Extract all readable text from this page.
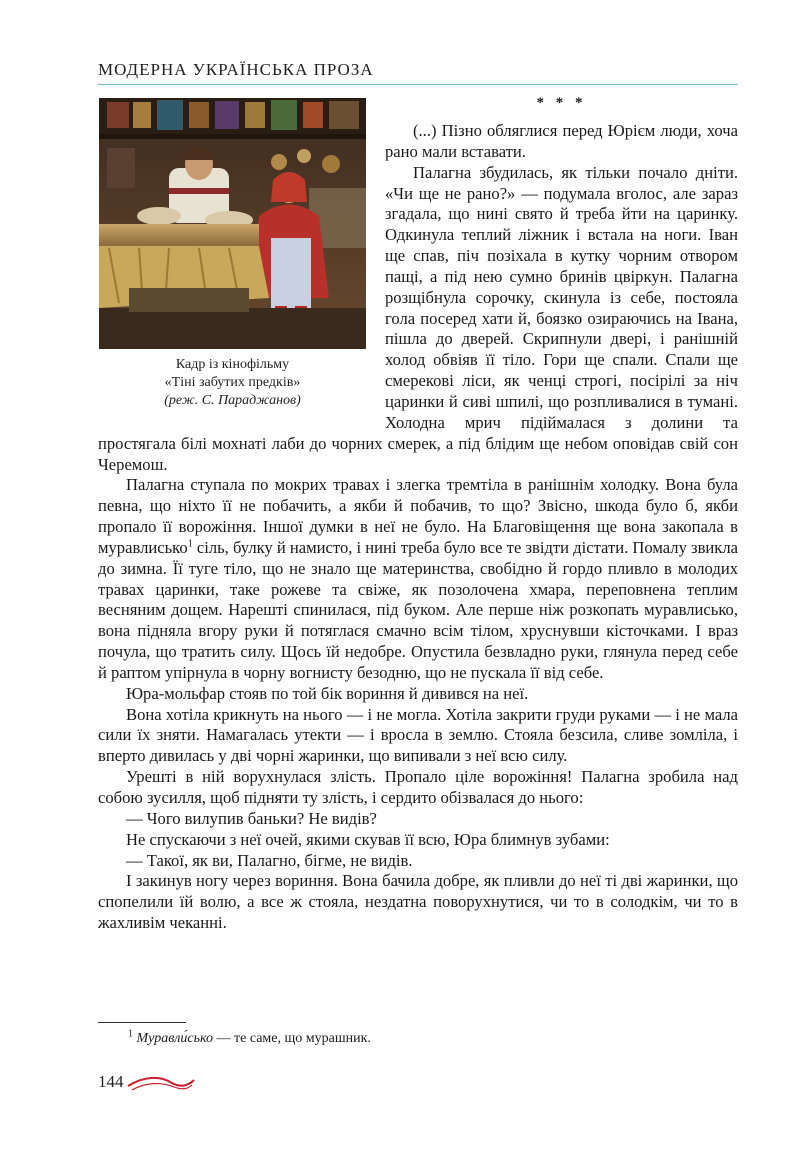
МОДЕРНА УКРАЇНСЬКА ПРОЗА
Кадр із кінофільму
«Тіні забутих предків»
(реж. С. Параджанов)
* * *

(...) Пізно обляглися перед Юрієм люди, хоча рано мали вставати.

Палагна збудилась, як тільки почало дніти. «Чи ще не рано?» — подумала вголос, але зараз згадала, що нині свято й треба йти на царинку. Одкинула теплий ліжник і встала на ноги. Іван ще спав, піч позіхала в кутку чорним отвором пащі, а під нею сумно бринів цвіркун. Палагна розщібнула сорочку, скинула із себе, постояла гола посеред хати й, боязко озираючись на Івана, пішла до дверей. Скрипнули двері, і ранішній холод обвіяв її тіло. Гори ще спали. Спали ще смерекові ліси, як ченці строгі, посірілі за ніч царинки й сиві шпилі, що розпливалися в тумані. Холодна мрич підіймалася з долини та простягала білі мохнаті лаби до чорних смерек, а під блідим ще небом оповідав свій сон Черемош.

Палагна ступала по мокрих травах і злегка тремтіла в ранішнім холодку. Вона була певна, що ніхто її не побачить, а якби й побачив, то що? Звісно, шкода було б, якби пропало її ворожіння. Іншої думки в неї не було. На Благовіщення ще вона закопала в муравлисько$^1$ сіль, булку й намисто, і нині треба було все те звідти дістати. Помалу звикла до зимна. Її туге тіло, що не знало ще материнства, свобідно й гордо пливло в молодих травах царинки, таке рожеве та свіже, як позолочена хмара, переповнена теплим весняним дощем. Нарешті спинилася, під буком. Але перше ніж розкопать муравлисько, вона підняла вгору руки й потяглася смачно всім тілом, хруснувши кісточками. І враз почула, що тратить силу. Щось їй недобре. Опустила безвладно руки, глянула перед себе й раптом упірнула в чорну вогнисту безодню, що не пускала її від себе.

Юра-мольфар стояв по той бік вориння й дивився на неї.

Вона хотіла крикнуть на нього — і не могла. Хотіла закрити груди руками — і не мала сили їх зняти. Намагалась утекти — і вросла в землю. Стояла безсила, сливе зомліла, і вперто дивилась у дві чорні жаринки, що випивали з неї всю силу.

Урешті в ній ворухнулася злість. Пропало ціле ворожіння! Палагна зробила над собою зусилля, щоб підняти ту злість, і сердито обізвалася до нього:

— Чого вилупив баньки? Не видів?

Не спускаючи з неї очей, якими скував її всю, Юра блимнув зубами:

— Такої, як ви, Палагно, бігме, не видів.

І закинув ногу через вориння. Вона бачила добре, як пливли до неї ті дві жаринки, що спопелили їй волю, а все ж стояла, нездатна поворухнутися, чи то в солодкім, чи то в жахливім чеканні.

$^1$ Муравли́сько — те саме, що мурашник.
144
